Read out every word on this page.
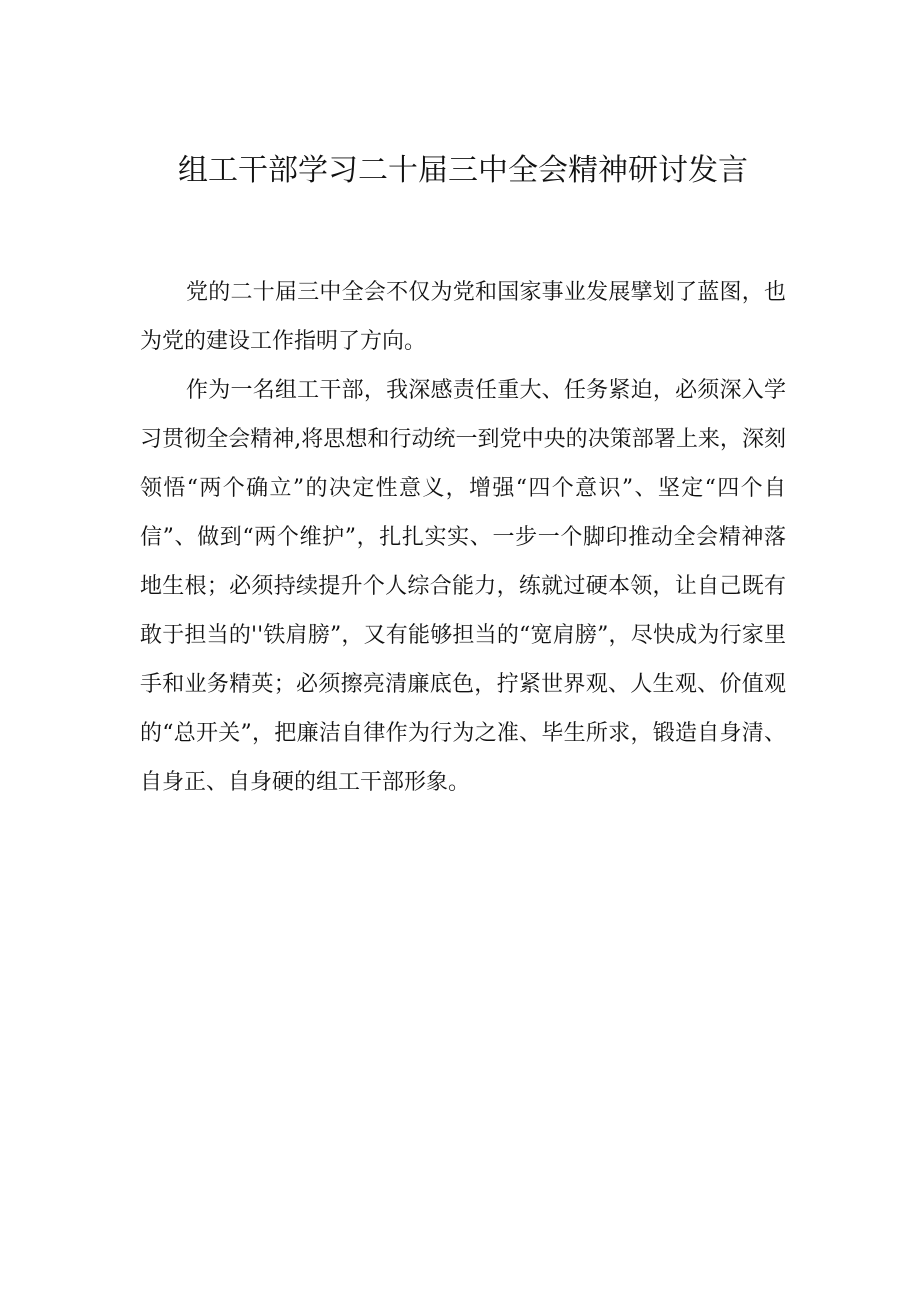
组工干部学习二十届三中全会精神研讨发言

党的二十届三中全会不仅为党和国家事业发展擘划了蓝图，也为党的建设工作指明了方向。

作为一名组工干部，我深感责任重大、任务紧迫，必须深入学习贯彻全会精神,将思想和行动统一到党中央的决策部署上来，深刻领悟“两个确立”的决定性意义，增强“四个意识”、坚定“四个自信”、做到“两个维护”，扎扎实实、一步一个脚印推动全会精神落地生根；必须持续提升个人综合能力，练就过硬本领，让自己既有敢于担当的''铁肩膀”，又有能够担当的“宽肩膀”，尽快成为行家里手和业务精英；必须擦亮清廉底色，拧紧世界观、人生观、价值观的“总开关”，把廉洁自律作为行为之准、毕生所求，锻造自身清、自身正、自身硬的组工干部形象。
